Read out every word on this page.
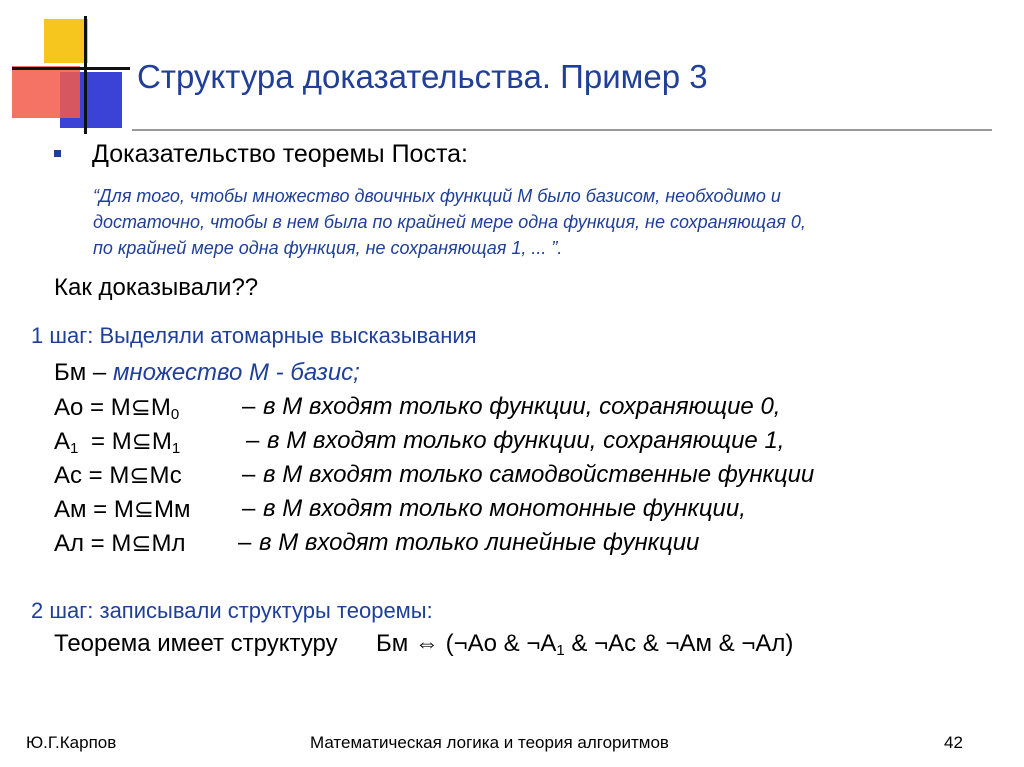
Структура доказательства. Пример 3
Доказательство теоремы Поста:
“Для того, чтобы множество двоичных функций М было базисом, необходимо и
достаточно, чтобы в нем была по крайней мере одна функция, не сохраняющая 0,
по крайней мере одна функция, не сохраняющая 1, ... ”.
Как доказывали??
1 шаг: Выделяли атомарные высказывания
Бм – множество М - базис;
Ао = $М⊆М_0$	– в М входят только функции, сохраняющие 0,
$А_1$ = $М⊆М_1$	– в М входят только функции, сохраняющие 1,
Ас = М⊆Мс	– в М входят только самодвойственные функции
Ам = М⊆Мм – в М входят только монотонные функции,
Ал = М⊆Мл – в М входят только линейные функции
2 шаг: записывали структуры теоремы:
Теорема имеет структуру Бм ⇔ (¬Ао & $\neg А_1$ & ¬Ас & ¬Ам & ¬Ал)
Ю.Г.Карпов	Математическая логика и теория алгоритмов	42
